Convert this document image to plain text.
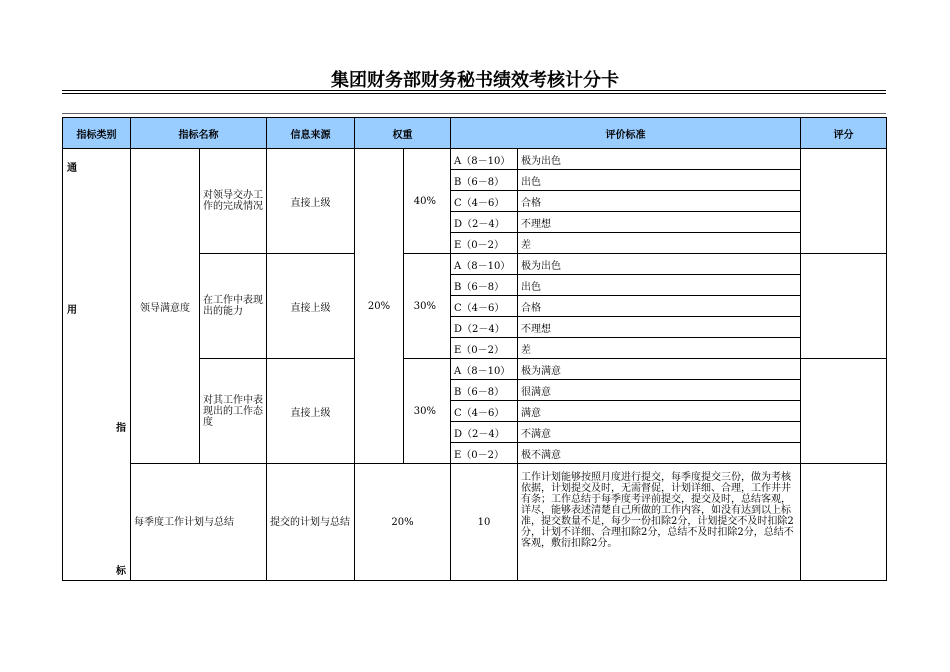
集团财务部财务秘书绩效考核计分卡
指标类别	指标名称		信息来源	权重		评价标准		评分

通
用
指
标	领导满意度	对领导交办工作的完成情况	直接上级	20%	40%	A（8－10）	极为出色	
						B（6－8）	出色	
						C（4－6）	合格	
						D（2－4）	不理想	
						E（0－2）	差	
		在工作中表现出的能力	直接上级		30%	A（8－10）	极为出色	
						B（6－8）	出色	
						C（4－6）	合格	
						D（2－4）	不理想	
						E（0－2）	差	
		对其工作中表现出的工作态度	直接上级		30%	A（8－10）	极为满意	
						B（6－8）	很满意	
						C（4－6）	满意	
						D（2－4）	不满意	
						E（0－2）	极不满意	
	每季度工作计划与总结		提交的计划与总结	20%		10	工作计划能够按照月度进行提交，每季度提交三份，做为考核依据，计划提交及时，无需督促，计划详细、合理，工作井井有条；工作总结于每季度考评前提交，提交及时，总结客观，详尽，能够表述清楚自己所做的工作内容，如没有达到以上标准，提交数量不足，每少一份扣除2分，计划提交不及时扣除2分，计划不详细、合理扣除2分，总结不及时扣除2分，总结不客观，敷衍扣除2分。	
